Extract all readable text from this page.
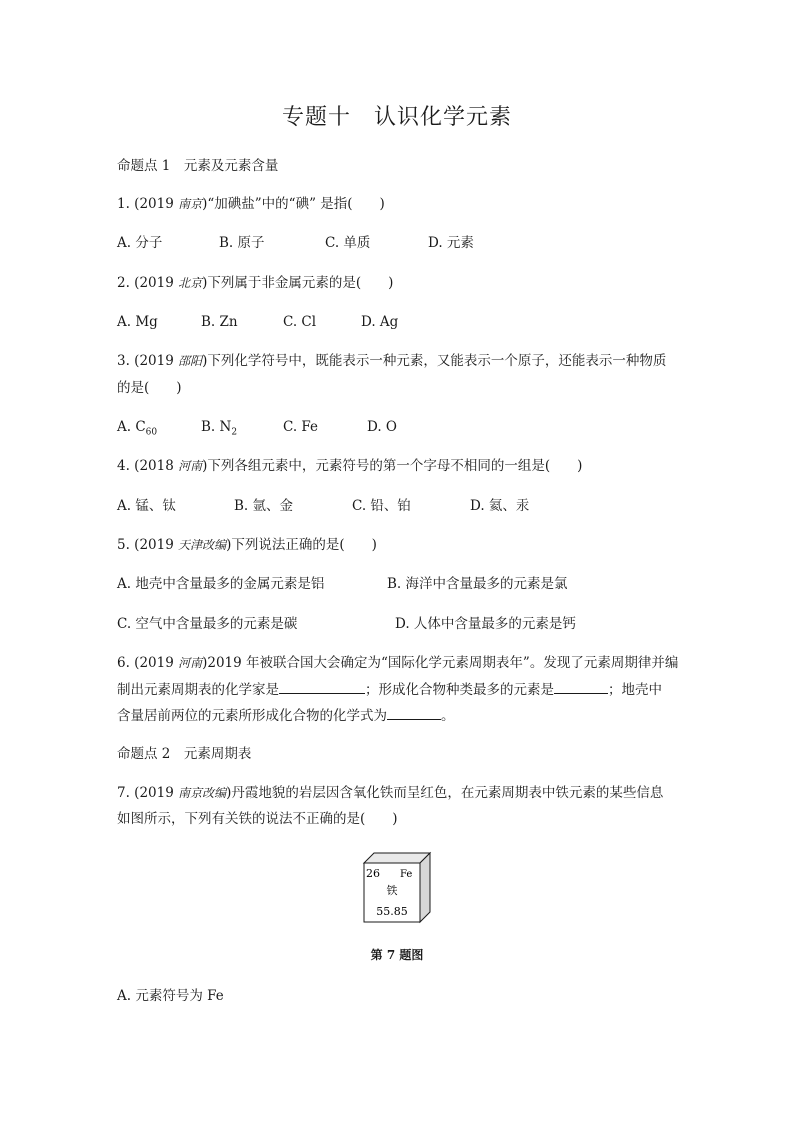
专题十　认识化学元素
命题点 1　元素及元素含量
1. (2019 南京)“加碘盐”中的“碘” 是指(　　)
A. 分子	B. 原子	C. 单质	D. 元素
2. (2019 北京)下列属于非金属元素的是(　　)
A. Mg	B. Zn	C. Cl	D. Ag
3. (2019 邵阳)下列化学符号中，既能表示一种元素，又能表示一个原子，还能表示一种物质
的是(　　)
A. $C_{60}$	B. $N_2$	C. Fe	D. O
4. (2018 河南)下列各组元素中，元素符号的第一个字母不相同的一组是(　　)
A. 锰、钛	B. 氩、金	C. 铅、铂	D. 氦、汞
5. (2019 天津改编)下列说法正确的是(　　)
A. 地壳中含量最多的金属元素是铝	B. 海洋中含量最多的元素是氯
C. 空气中含量最多的元素是碳	D. 人体中含量最多的元素是钙
6. (2019 河南)2019 年被联合国大会确定为“国际化学元素周期表年”。发现了元素周期律并编
制出元素周期表的化学家是	；形成化合物种类最多的元素是	；地壳中
含量居前两位的元素所形成化合物的化学式为	。
命题点 2　元素周期表
7. (2019 南京改编)丹霞地貌的岩层因含氧化铁而呈红色，在元素周期表中铁元素的某些信息
如图所示，下列有关铁的说法不正确的是(　　)
26 Fe
铁
55.85
第 7 题图
A. 元素符号为 Fe
